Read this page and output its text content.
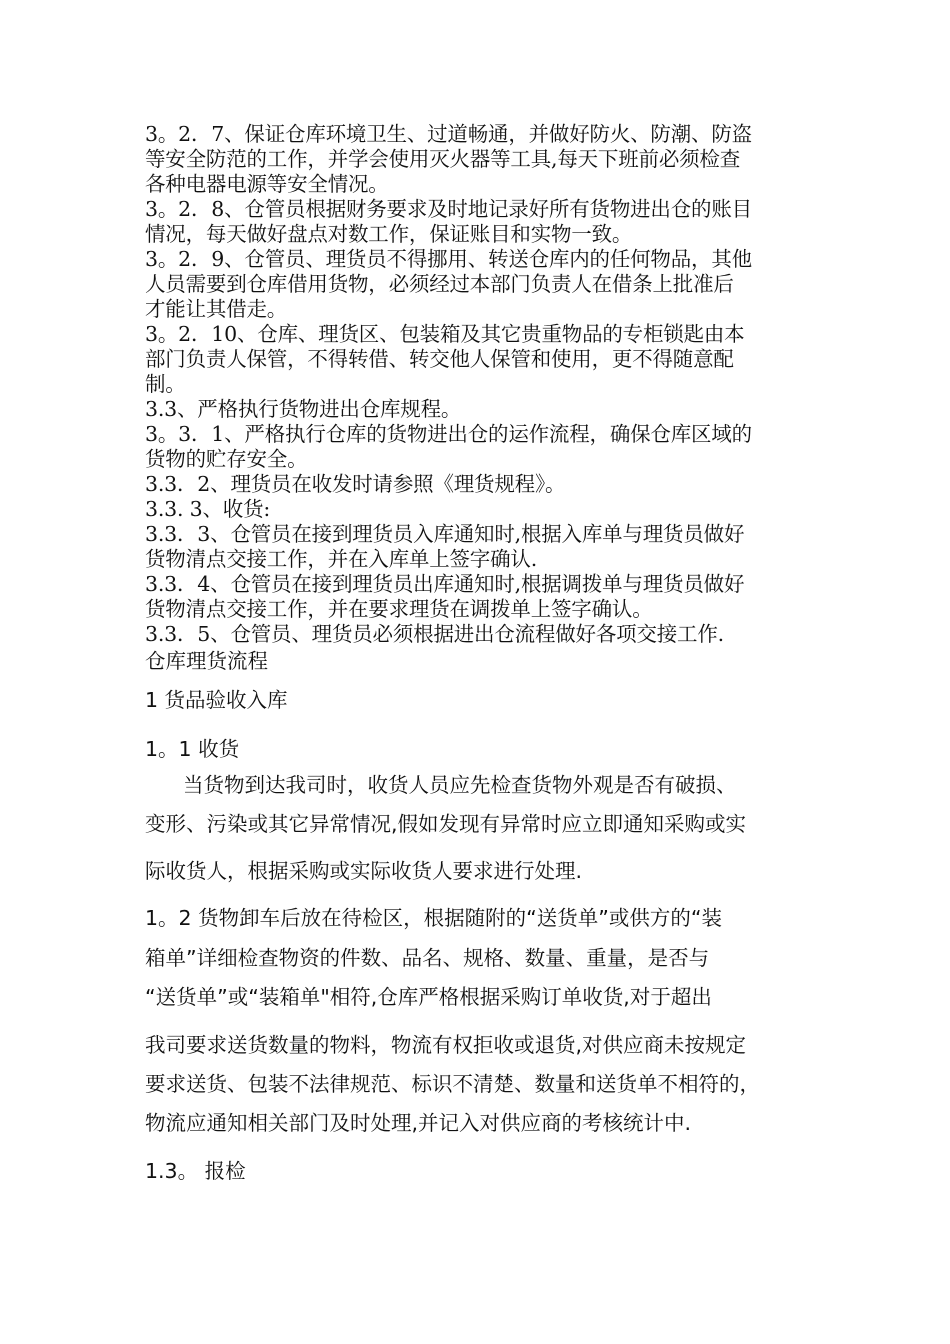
3。2．7、保证仓库环境卫生、过道畅通，并做好防火、防潮、防盗
等安全防范的工作，并学会使用灭火器等工具,每天下班前必须检查
各种电器电源等安全情况。
3。2．8、仓管员根据财务要求及时地记录好所有货物进出仓的账目
情况，每天做好盘点对数工作，保证账目和实物一致。
3。2．9、仓管员、理货员不得挪用、转送仓库内的任何物品，其他
人员需要到仓库借用货物，必须经过本部门负责人在借条上批准后
才能让其借走。
3。2．10、仓库、理货区、包装箱及其它贵重物品的专柜锁匙由本
部门负责人保管，不得转借、转交他人保管和使用，更不得随意配
制。
3.3、严格执行货物进出仓库规程。
3。3．1、严格执行仓库的货物进出仓的运作流程，确保仓库区域的
货物的贮存安全。
3.3．2、理货员在收发时请参照《理货规程》。
3.3. 3、收货:
3.3．3、仓管员在接到理货员入库通知时,根据入库单与理货员做好
货物清点交接工作，并在入库单上签字确认.
3.3．4、仓管员在接到理货员出库通知时,根据调拨单与理货员做好
货物清点交接工作，并在要求理货在调拨单上签字确认。
3.3．5、仓管员、理货员必须根据进出仓流程做好各项交接工作.
仓库理货流程
1 货品验收入库
1。1 收货
当货物到达我司时，收货人员应先检查货物外观是否有破损、
变形、污染或其它异常情况,假如发现有异常时应立即通知采购或实
际收货人，根据采购或实际收货人要求进行处理.
1。2 货物卸车后放在待检区，根据随附的“送货单”或供方的“装
箱单”详细检查物资的件数、品名、规格、数量、重量，是否与
“送货单”或“装箱单"相符,仓库严格根据采购订单收货,对于超出
我司要求送货数量的物料，物流有权拒收或退货,对供应商未按规定
要求送货、包装不法律规范、标识不清楚、数量和送货单不相符的，
物流应通知相关部门及时处理,并记入对供应商的考核统计中.
1.3。 报检
